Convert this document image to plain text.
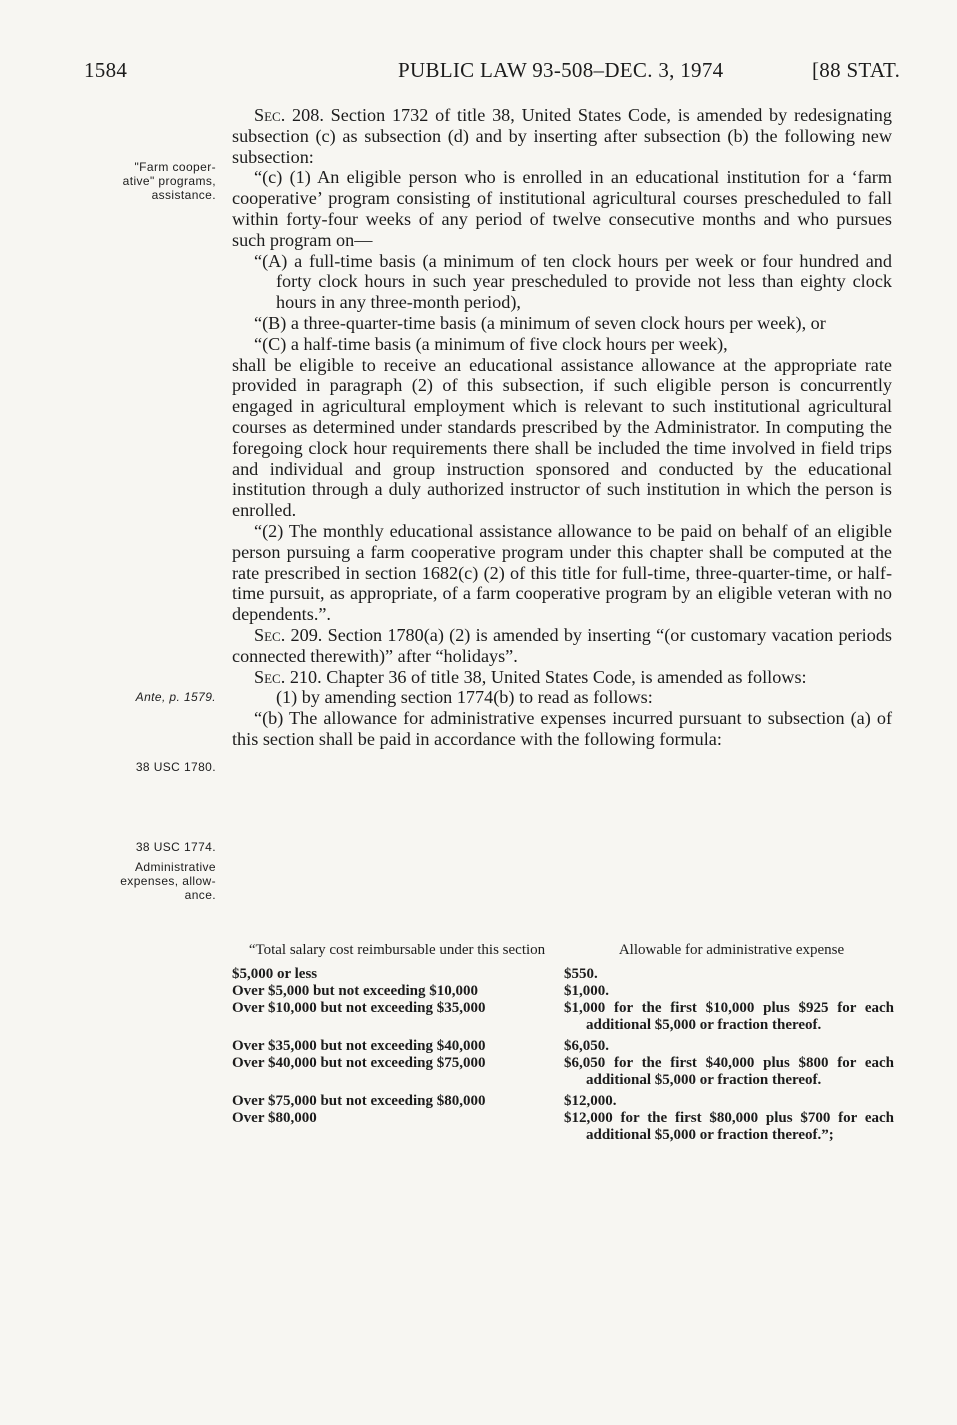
1584	PUBLIC LAW 93-508–DEC. 3, 1974	[88 STAT.
"Farm cooper-
ative" programs,
assistance.
Ante, p. 1579.
38 USC 1780.
38 USC 1774.
Administrative
expenses, allow-
ance.

Sec. 208. Section 1732 of title 38, United States Code, is amended by redesignating subsection (c) as subsection (d) and by inserting after subsection (b) the following new subsection:

“(c) (1) An eligible person who is enrolled in an educational institution for a ‘farm cooperative’ program consisting of institutional agricultural courses prescheduled to fall within forty-four weeks of any period of twelve consecutive months and who pursues such program on—

“(A) a full-time basis (a minimum of ten clock hours per week or four hundred and forty clock hours in such year prescheduled to provide not less than eighty clock hours in any three-month period),

“(B) a three-quarter-time basis (a minimum of seven clock hours per week), or

“(C) a half-time basis (a minimum of five clock hours per week),

shall be eligible to receive an educational assistance allowance at the appropriate rate provided in paragraph (2) of this subsection, if such eligible person is concurrently engaged in agricultural employment which is relevant to such institutional agricultural courses as determined under standards prescribed by the Administrator. In computing the foregoing clock hour requirements there shall be included the time involved in field trips and individual and group instruction sponsored and conducted by the educational institution through a duly authorized instructor of such institution in which the person is enrolled.

“(2) The monthly educational assistance allowance to be paid on behalf of an eligible person pursuing a farm cooperative program under this chapter shall be computed at the rate prescribed in section 1682(c) (2) of this title for full-time, three-quarter-time, or half-time pursuit, as appropriate, of a farm cooperative program by an eligible veteran with no dependents.”.

Sec. 209. Section 1780(a) (2) is amended by inserting “(or customary vacation periods connected therewith)” after “holidays”.

Sec. 210. Chapter 36 of title 38, United States Code, is amended as follows:

(1) by amending section 1774(b) to read as follows:

“(b) The allowance for administrative expenses incurred pursuant to subsection (a) of this section shall be paid in accordance with the following formula:

“Total salary cost reimbursable under this section	Allowable for administrative expense
$5,000 or less	$550.
Over $5,000 but not exceeding $10,000	$1,000.
Over $10,000 but not exceeding $35,000	$1,000 for the first $10,000 plus $925 for each additional $5,000 or fraction thereof.
Over $35,000 but not exceeding $40,000	$6,050.
Over $40,000 but not exceeding $75,000	$6,050 for the first $40,000 plus $800 for each additional $5,000 or fraction thereof.
Over $75,000 but not exceeding $80,000	$12,000.
Over $80,000	$12,000 for the first $80,000 plus $700 for each additional $5,000 or fraction thereof.”;
